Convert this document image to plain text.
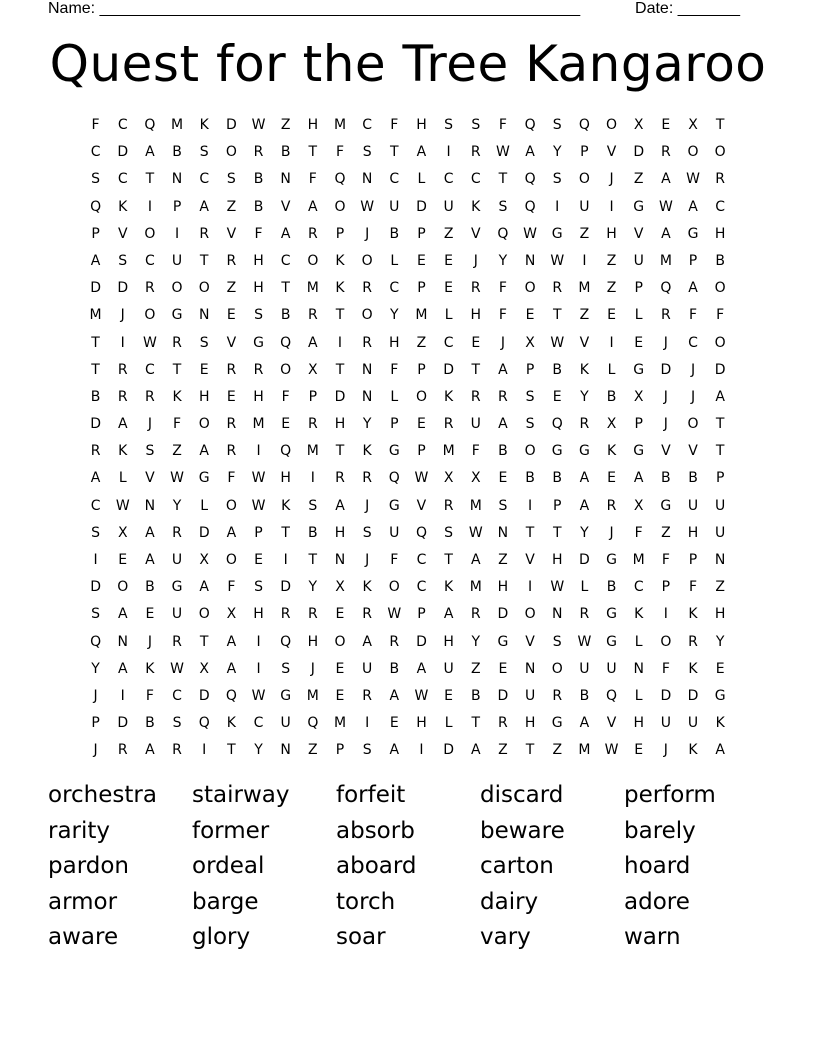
Name: ______________________________________________________	Date: _______
Quest for the Tree Kangaroo
F	C	Q	M	K	D	W	Z	H	M	C	F	H	S	S	F	Q	S	Q	O	X	E	X	T
C	D	A	B	S	O	R	B	T	F	S	T	A	I	R	W	A	Y	P	V	D	R	O	O
S	C	T	N	C	S	B	N	F	Q	N	C	L	C	C	T	Q	S	O	J	Z	A	W	R
Q	K	I	P	A	Z	B	V	A	O	W	U	D	U	K	S	Q	I	U	I	G	W	A	C
P	V	O	I	R	V	F	A	R	P	J	B	P	Z	V	Q	W	G	Z	H	V	A	G	H
A	S	C	U	T	R	H	C	O	K	O	L	E	E	J	Y	N	W	I	Z	U	M	P	B
D	D	R	O	O	Z	H	T	M	K	R	C	P	E	R	F	O	R	M	Z	P	Q	A	O
M	J	O	G	N	E	S	B	R	T	O	Y	M	L	H	F	E	T	Z	E	L	R	F	F
T	I	W	R	S	V	G	Q	A	I	R	H	Z	C	E	J	X	W	V	I	E	J	C	O
T	R	C	T	E	R	R	O	X	T	N	F	P	D	T	A	P	B	K	L	G	D	J	D
B	R	R	K	H	E	H	F	P	D	N	L	O	K	R	R	S	E	Y	B	X	J	J	A
D	A	J	F	O	R	M	E	R	H	Y	P	E	R	U	A	S	Q	R	X	P	J	O	T
R	K	S	Z	A	R	I	Q	M	T	K	G	P	M	F	B	O	G	G	K	G	V	V	T
A	L	V	W	G	F	W	H	I	R	R	Q	W	X	X	E	B	B	A	E	A	B	B	P
C	W	N	Y	L	O	W	K	S	A	J	G	V	R	M	S	I	P	A	R	X	G	U	U
S	X	A	R	D	A	P	T	B	H	S	U	Q	S	W	N	T	T	Y	J	F	Z	H	U
I	E	A	U	X	O	E	I	T	N	J	F	C	T	A	Z	V	H	D	G	M	F	P	N
D	O	B	G	A	F	S	D	Y	X	K	O	C	K	M	H	I	W	L	B	C	P	F	Z
S	A	E	U	O	X	H	R	R	E	R	W	P	A	R	D	O	N	R	G	K	I	K	H
Q	N	J	R	T	A	I	Q	H	O	A	R	D	H	Y	G	V	S	W	G	L	O	R	Y
Y	A	K	W	X	A	I	S	J	E	U	B	A	U	Z	E	N	O	U	U	N	F	K	E
J	I	F	C	D	Q	W	G	M	E	R	A	W	E	B	D	U	R	B	Q	L	D	D	G
P	D	B	S	Q	K	C	U	Q	M	I	E	H	L	T	R	H	G	A	V	H	U	U	K
J	R	A	R	I	T	Y	N	Z	P	S	A	I	D	A	Z	T	Z	M	W	E	J	K	A
orchestra	stairway	forfeit	discard	perform
rarity	former	absorb	beware	barely
pardon	ordeal	aboard	carton	hoard
armor	barge	torch	dairy	adore
aware	glory	soar	vary	warn
